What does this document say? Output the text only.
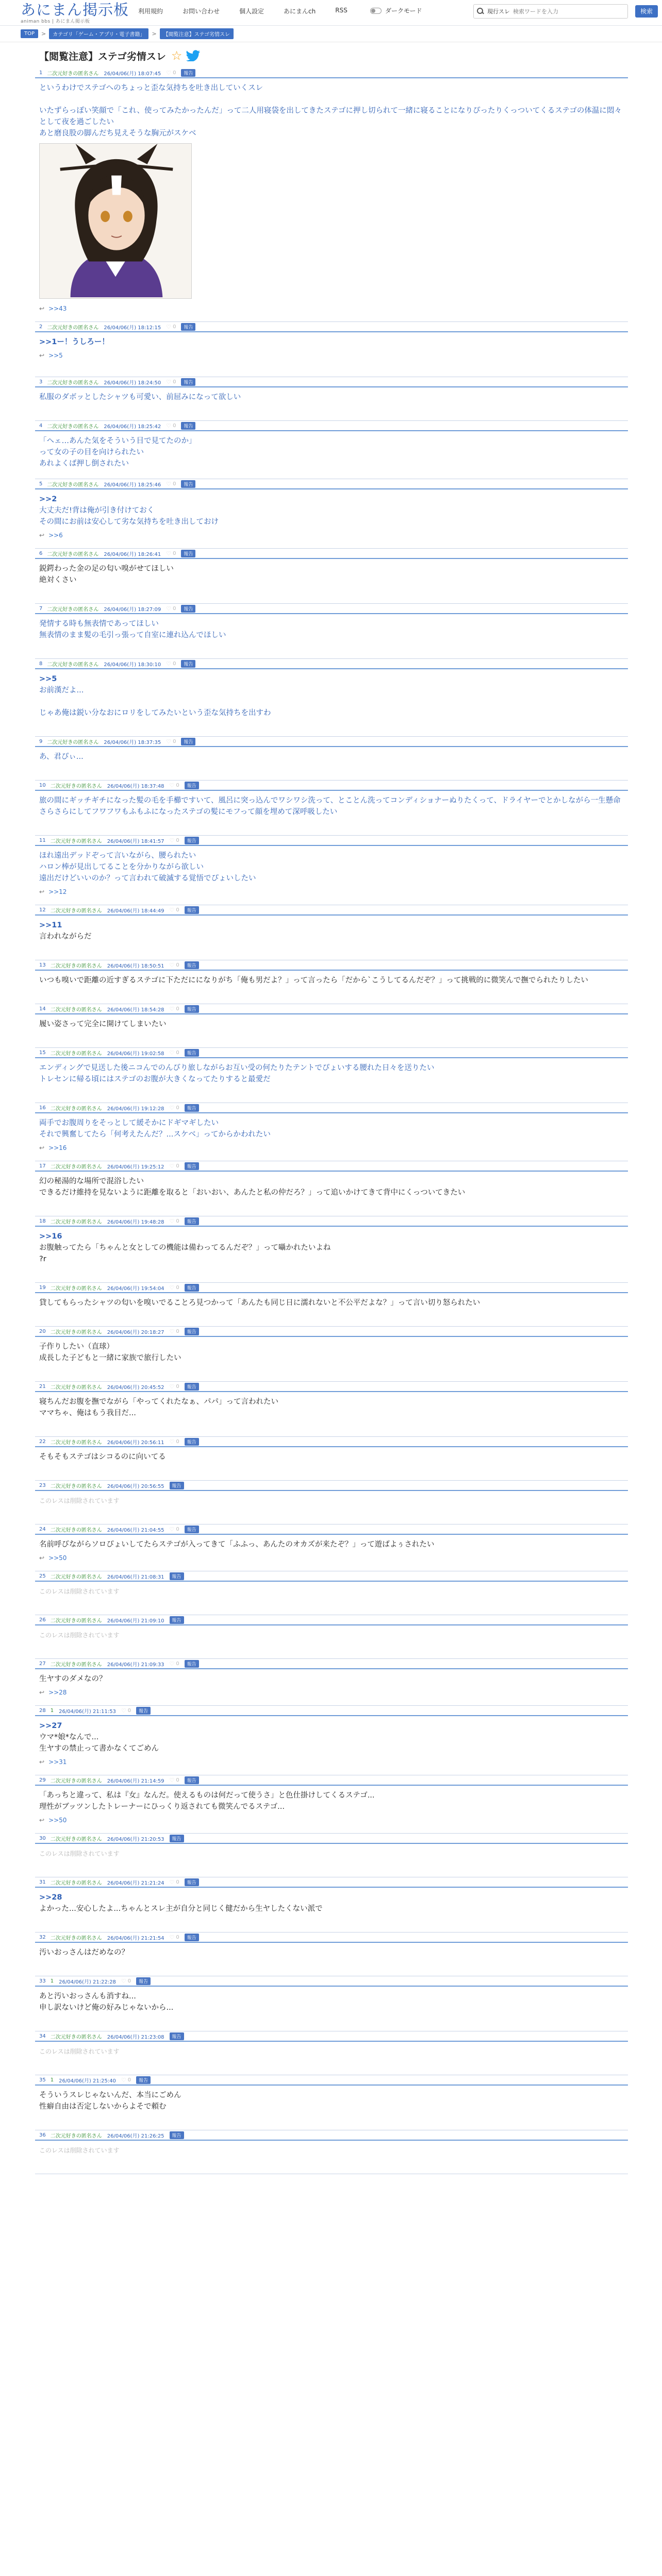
あにまん掲示板
animan bbs | あにまん掲示板
利用規約	お問い合わせ	個人設定	あにまんch	RSS	ダークモード	現行スレ
検索ワードを入力	検索
TOP	>	カテゴリ「ゲーム・アプリ・電子書籍」	>	【閲覧注意】ステゴ劣情スレ
【閲覧注意】ステゴ劣情スレ ☆
1 二次元好きの匿名さん 26/04/06(月) 18:07:45 ♡ 0	報告
というわけでステゴへのちょっと歪な気持ちを吐き出していくスレ

いたずらっぽい笑顔で「これ、使ってみたかったんだ」って二人用寝袋を出してきたステゴに押し切られて一緒に寝ることになりぴったりくっついてくるステゴの体温に悶々として夜を過ごしたい
あと磨良股の脚んだち見えそうな胸元がスケベ
↩ >>43
2 二次元好きの匿名さん 26/04/06(月) 18:12:15 ♡ 0	報告
>>1ー！うしろー！
↩ >>5
3 二次元好きの匿名さん 26/04/06(月) 18:24:50 ♡ 0	報告
私服のダボッとしたシャツも可愛い、前屈みになって欲しい
4 二次元好きの匿名さん 26/04/06(月) 18:25:42 ♡ 0	報告
「ヘェ…あんた気をそういう目で見てたのか」
って女の子の目を向けられたい
あれよくば押し倒されたい
5 二次元好きの匿名さん 26/04/06(月) 18:25:46 ♡ 0	報告
>>2
大丈夫だ!背は俺が引き付けておく
その間にお前は安心して劣な気持ちを吐き出しておけ
↩ >>6
6 二次元好きの匿名さん 26/04/06(月) 18:26:41 ♡ 0	報告
鋭鍔わった金の足の匂い嗅がせてほしい
絶対くさい
7 二次元好きの匿名さん 26/04/06(月) 18:27:09 ♡ 0	報告
発情する時も無表情であってほしい
無表情のまま髪の毛引っ張って自室に連れ込んでほしい
8 二次元好きの匿名さん 26/04/06(月) 18:30:10 ♡ 0	報告
>>5
お前漢だよ...

じゃあ俺は鋭い分なおにロリをしてみたいという歪な気持ちを出すわ
9 二次元好きの匿名さん 26/04/06(月) 18:37:35 ♡ 0	報告
あ、君ぴぃ...
10 二次元好きの匿名さん 26/04/06(月) 18:37:48 ♡ 0	報告
旅の間にギッチギチになった髪の毛を手櫛ですいて、風呂に突っ込んでワシワシ洗って、とことん洗ってコンディショナーぬりたくって、ドライヤーでとかしながら一生懸命さらさらにしてフワフワもふもふになったステゴの髪にモフって顔を埋めて深呼吸したい
11 二次元好きの匿名さん 26/04/06(月) 18:41:57 ♡ 0	報告
ほれ遠出デッドぞって言いながら、腰られたい
ハロン棒が見出してることを分かりながら欲しい
遠出だけどいいのか？って言われて破滅する覚悟でぴょいしたい
↩ >>12
12 二次元好きの匿名さん 26/04/06(月) 18:44:49 ♡ 0	報告
>>11
言われながらだ
13 二次元好きの匿名さん 26/04/06(月) 18:50:51 ♡ 0	報告
いつも嗅いで距離の近すぎるステゴに下ただにになりがち「俺も男だよ？」って言ったら「だから`こうしてるんだぞ？」って挑戦的に微笑んで撫でられたりしたい
14 二次元好きの匿名さん 26/04/06(月) 18:54:28 ♡ 0	報告
履い姿さって完全に開けてしまいたい
15 二次元好きの匿名さん 26/04/06(月) 19:02:58 ♡ 0	報告
エンディングで見送した後ニコんでのんびり旅しながらお互い受の何たりたテントでぴょいする腰れた日々を送りたい
トレセンに帰る頃にはステゴのお腹が大きくなってたりすると最愛だ
16 二次元好きの匿名さん 26/04/06(月) 19:12:28 ♡ 0	報告
両手でお腹周りをそっとして緩そかにドギマギしたい
それで興奮してたら「何考えたんだ？...スケベ」ってからかわれたい
↩ >>16
17 二次元好きの匿名さん 26/04/06(月) 19:25:12 ♡ 0	報告
幻の秘湯的な場所で混浴したい
できるだけ維持を見ないように距離を取ると「おいおい、あんたと私の仲だろ？」って追いかけてきて背中にくっついてきたい
18 二次元好きの匿名さん 26/04/06(月) 19:48:28 ♡ 0	報告
>>16
お腹触ってたら「ちゃんと女としての機能は備わってるんだぞ？」って囁かれたいよね
?r
19 二次元好きの匿名さん 26/04/06(月) 19:54:04 ♡ 0	報告
貸してもらったシャツの匂いを嗅いでることろ見つかって「あんたも同じ日に濡れないと不公平だよな？」って言い切り怒られたい
20 二次元好きの匿名さん 26/04/06(月) 20:18:27 ♡ 0	報告
子作りしたい（直球）
成長した子どもと一緒に家族で旅行したい
21 二次元好きの匿名さん 26/04/06(月) 20:45:52 ♡ 0	報告
寝ちんだお腹を撫でながら「やってくれたなぁ、パパ」って言われたい
ママちゃ、俺はもう我目だ...
22 二次元好きの匿名さん 26/04/06(月) 20:56:11 ♡ 0	報告
そもそもステゴはシコるのに向いてる
23 二次元好きの匿名さん 26/04/06(月) 20:56:55	報告
このレスは削除されています
24 二次元好きの匿名さん 26/04/06(月) 21:04:55 ♡ 0	報告
名前呼びながらソロぴょいしてたらステゴが入ってきて「ふふっ、あんたのオカズが来たぞ？」って遊ばよぅされたい
↩ >>50
25 二次元好きの匿名さん 26/04/06(月) 21:08:31	報告
このレスは削除されています
26 二次元好きの匿名さん 26/04/06(月) 21:09:10	報告
このレスは削除されています
27 二次元好きの匿名さん 26/04/06(月) 21:09:33 ♡ 0	報告
生ヤすのダメなの？
↩ >>28
28 1 26/04/06(月) 21:11:53 ♡ 0	報告
>>27
ウマ*娘*なんで...
生ヤすの禁止って書かなくてごめん
↩ >>31
29 二次元好きの匿名さん 26/04/06(月) 21:14:59 ♡ 0	報告
「あっちと違って、私は『女』なんだ。使えるものは何だって使うさ」と色仕掛けしてくるステゴ...
理性がブッツンしたトレーナーにひっくり返されても微笑んでるステゴ...
↩ >>50
30 二次元好きの匿名さん 26/04/06(月) 21:20:53	報告
このレスは削除されています
31 二次元好きの匿名さん 26/04/06(月) 21:21:24 ♡ 0	報告
>>28
よかった...安心したよ...ちゃんとスレ主が自分と同じく健だから生ヤしたくない派で
32 二次元好きの匿名さん 26/04/06(月) 21:21:54 ♡ 0	報告
汚いおっさんはだめなの？
33 1 26/04/06(月) 21:22:28 ♡ 0	報告
あと汚いおっさんも消すね...
申し訳ないけど俺の好みじゃないから...
34 二次元好きの匿名さん 26/04/06(月) 21:23:08	報告
このレスは削除されています
35 1 26/04/06(月) 21:25:40 ♡ 0	報告
そういうスレじゃないんだ、本当にごめん
性癖自由は否定しないからよそで頼む
36 二次元好きの匿名さん 26/04/06(月) 21:26:25	報告
このレスは削除されています
